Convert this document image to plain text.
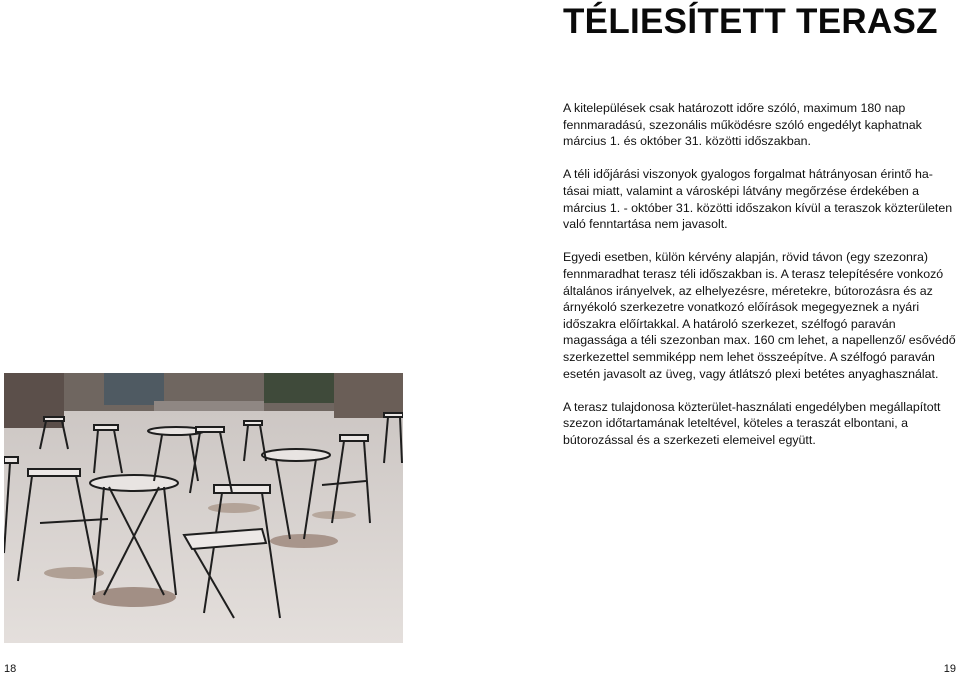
TÉLIESÍTETT TERASZ

A kitelepülések csak határozott időre szóló, maximum 180 nap fennmaradású, szezonális működésre szóló engedélyt kaphatnak március 1. és október 31. közötti időszakban.

A téli időjárási viszonyok gyalogos forgalmat hátrányosan érintő ha- tásai miatt, valamint a városképi látvány megőrzése érdekében a március 1. - október 31. közötti időszakon kívül a teraszok közterületen való fenntartása nem javasolt.

Egyedi esetben, külön kérvény alapján, rövid távon (egy szezonra) fennmaradhat terasz téli időszakban is. A terasz telepítésére vonkozó általános irányelvek, az elhelyezésre, méretekre, bútorozásra és az árnyékoló szerkezetre vonatkozó előírások megegyeznek a nyári időszakra előírtakkal. A határoló szerkezet, szélfogó paraván magassága a téli szezonban max. 160 cm lehet, a napellenző/ esővédő szerkezettel semmiképp nem lehet összeépítve. A szélfogó paraván esetén javasolt az üveg, vagy átlátszó plexi betétes anyaghasználat.

A terasz tulajdonosa közterület-használati engedélyben megállapított szezon időtartamának leteltével, köteles a teraszát elbontani, a bútorozással és a szerkezeti elemeivel együtt.

18	19
